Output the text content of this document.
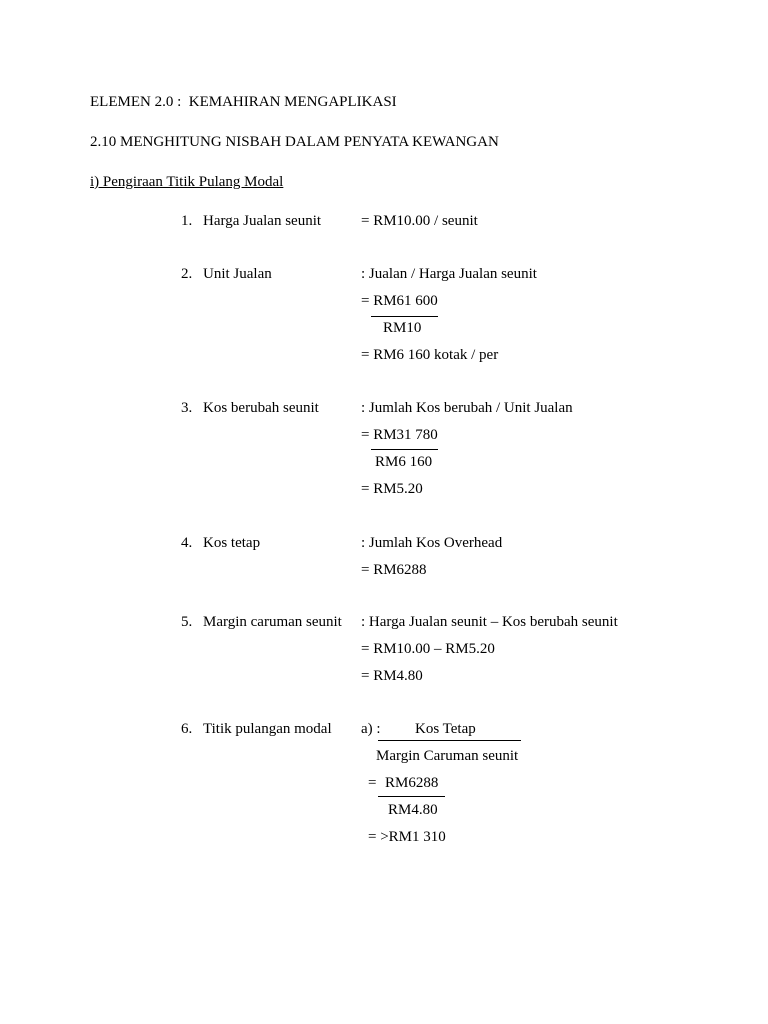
ELEMEN 2.0 :  KEMAHIRAN MENGAPLIKASI
2.10 MENGHITUNG NISBAH DALAM PENYATA KEWANGAN
i) Pengiraan Titik Pulang Modal
1. Harga Jualan seunit	= RM10.00 / seunit
2. Unit Jualan	: Jualan / Harga Jualan seunit
= RM61 600
RM10
= RM6 160 kotak / per
3. Kos berubah seunit	: Jumlah Kos berubah / Unit Jualan
= RM31 780
RM6 160
= RM5.20
4. Kos tetap	: Jumlah Kos Overhead
= RM6288
5. Margin caruman seunit : Harga Jualan seunit – Kos berubah seunit
= RM10.00 – RM5.20
= RM4.80
6. Titik pulangan modal a) : Kos Tetap
Margin Caruman seunit
= RM6288
RM4.80
= >RM1 310
